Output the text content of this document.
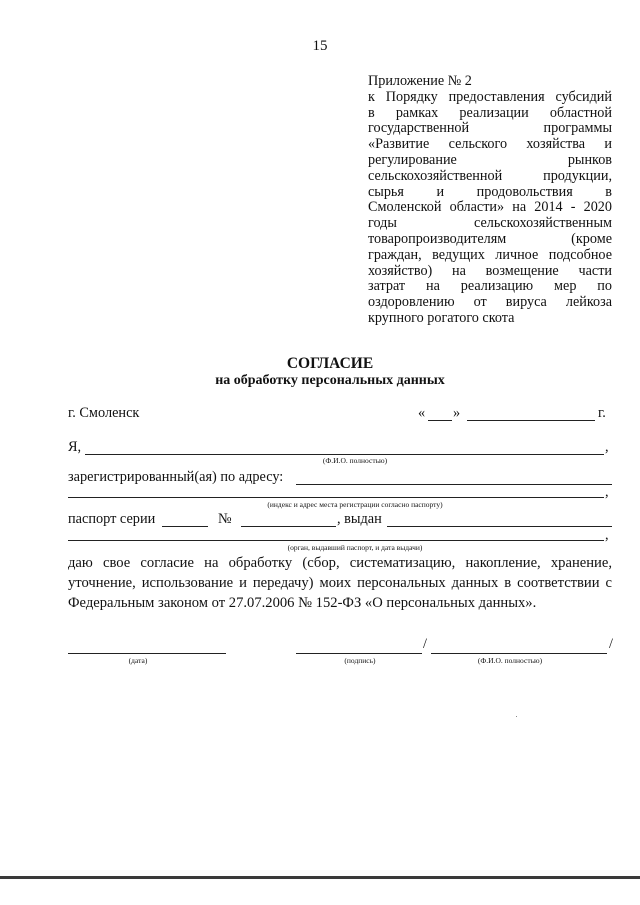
15
Приложение № 2
к Порядку предоставления субсидий
в рамках реализации областной
государственной программы
«Развитие сельского хозяйства и
регулирование рынков
сельскохозяйственной продукции,
сырья и продовольствия в
Смоленской области» на 2014 - 2020
годы сельскохозяйственным
товаропроизводителям (кроме
граждан, ведущих личное подсобное
хозяйство) на возмещение части
затрат на реализацию мер по
оздоровлению от вируса лейкоза
крупного рогатого скота
СОГЛАСИЕ
на обработку персональных данных
г. Смоленск	« »	г.
Я,	,
(Ф.И.О. полностью)
зарегистрированный(ая) по адресу:
,
(индекс и адрес места регистрации согласно паспорту)
паспорт серии	№	, выдан
,
(орган, выдавший паспорт, и дата выдачи)
даю свое согласие на обработку (сбор, систематизацию, накопление, хранение,
уточнение, использование и передачу) моих персональных данных в соответствии с
Федеральным законом от 27.07.2006 № 152-ФЗ «О персональных данных».
/	/
(дата)	(подпись)	(Ф.И.О. полностью)
